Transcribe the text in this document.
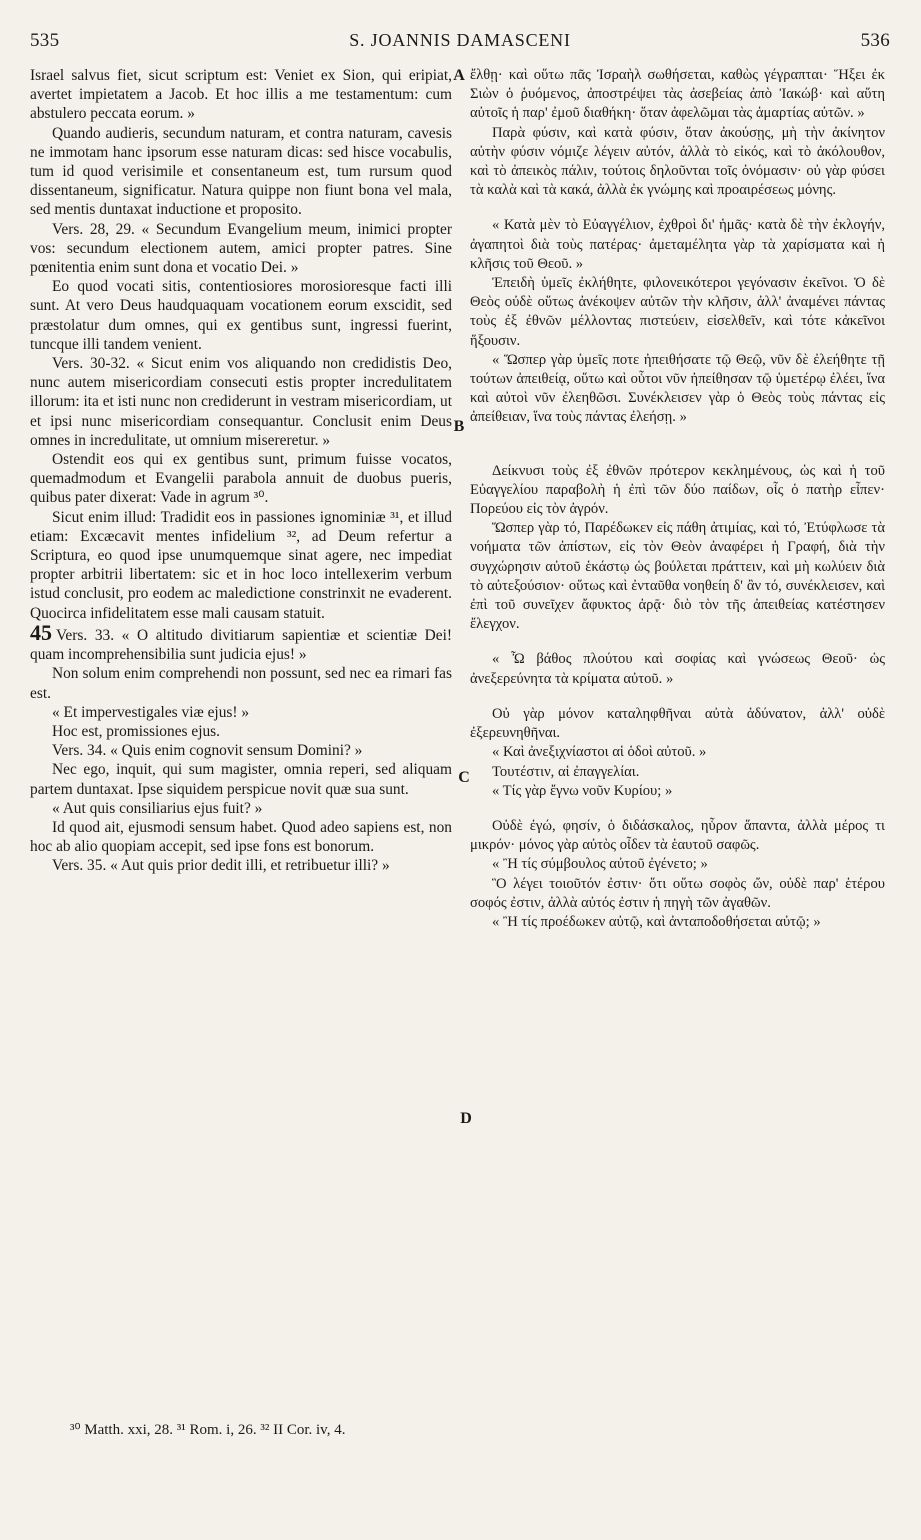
535	S. JOANNIS DAMASCENI	536
A
B
C
D

Israel salvus fiet, sicut scriptum est: Veniet ex Sion, qui eripiat, avertet impietatem a Jacob. Et hoc illis a me testamentum: cum abstulero peccata eorum. »

Quando audieris, secundum naturam, et contra naturam, cavesis ne immotam hanc ipsorum esse naturam dicas: sed hisce vocabulis, tum id quod verisimile et consentaneum est, tum rursum quod dissentaneum, significatur. Natura quippe non fiunt bona vel mala, sed mentis duntaxat inductione et proposito.

Vers. 28, 29. « Secundum Evangelium meum, inimici propter vos: secundum electionem autem, amici propter patres. Sine pœnitentia enim sunt dona et vocatio Dei. »

Eo quod vocati sitis, contentiosiores morosioresque facti illi sunt. At vero Deus haudquaquam vocationem eorum exscidit, sed præstolatur dum omnes, qui ex gentibus sunt, ingressi fuerint, tuncque illi tandem venient.

Vers. 30-32. « Sicut enim vos aliquando non credidistis Deo, nunc autem misericordiam consecuti estis propter incredulitatem illorum: ita et isti nunc non crediderunt in vestram misericordiam, ut et ipsi nunc misericordiam consequantur. Conclusit enim Deus omnes in incredulitate, ut omnium misereretur. »

Ostendit eos qui ex gentibus sunt, primum fuisse vocatos, quemadmodum et Evangelii parabola annuit de duobus pueris, quibus pater dixerat: Vade in agrum ³⁰.

Sicut enim illud: Tradidit eos in passiones ignominiæ ³¹, et illud etiam: Excæcavit mentes infidelium ³², ad Deum refertur a Scriptura, eo quod ipse unumquemque sinat agere, nec impediat propter arbitrii libertatem: sic et in hoc loco intellexerim verbum istud conclusit, pro eodem ac maledictione constrinxit ne evaderent. Quocirca infidelitatem esse mali causam statuit.

45 Vers. 33. « O altitudo divitiarum sapientiæ et scientiæ Dei! quam incomprehensibilia sunt judicia ejus! »

Non solum enim comprehendi non possunt, sed nec ea rimari fas est.

« Et impervestigales viæ ejus! »

Hoc est, promissiones ejus.

Vers. 34. « Quis enim cognovit sensum Domini? »

Nec ego, inquit, qui sum magister, omnia reperi, sed aliquam partem duntaxat. Ipse siquidem perspicue novit quæ sua sunt.

« Aut quis consiliarius ejus fuit? »

Id quod ait, ejusmodi sensum habet. Quod adeo sapiens est, non hoc ab alio quopiam accepit, sed ipse fons est bonorum.

Vers. 35. « Aut quis prior dedit illi, et retribuetur illi? »

ἔλθῃ· καὶ οὕτω πᾶς Ἰσραὴλ σωθήσεται, καθὼς γέγραπται· Ἥξει ἐκ Σιὼν ὁ ῥυόμενος, ἀποστρέψει τὰς ἀσεβείας ἀπὸ Ἰακώβ· καὶ αὕτη αὐτοῖς ἡ παρ' ἐμοῦ διαθήκη· ὅταν ἀφελῶμαι τὰς ἁμαρτίας αὐτῶν. »

Παρὰ φύσιν, καὶ κατὰ φύσιν, ὅταν ἀκούσῃς, μὴ τὴν ἀκίνητον αὐτὴν φύσιν νόμιζε λέγειν αὐτόν, ἀλλὰ τὸ εἰκός, καὶ τὸ ἀκόλουθον, καὶ τὸ ἀπεικὸς πάλιν, τούτοις δηλοῦνται τοῖς ὀνόμασιν· οὐ γὰρ φύσει τὰ καλὰ καὶ τὰ κακά, ἀλλὰ ἐκ γνώμης καὶ προαιρέσεως μόνης.

« Κατὰ μὲν τὸ Εὐαγγέλιον, ἐχθροὶ δι' ἡμᾶς· κατὰ δὲ τὴν ἐκλογήν, ἀγαπητοὶ διὰ τοὺς πατέρας· ἀμεταμέλητα γὰρ τὰ χαρίσματα καὶ ἡ κλῆσις τοῦ Θεοῦ. »

Ἐπειδὴ ὑμεῖς ἐκλήθητε, φιλονεικότεροι γεγόνασιν ἐκεῖνοι. Ὁ δὲ Θεὸς οὐδὲ οὕτως ἀνέκοψεν αὐτῶν τὴν κλῆσιν, ἀλλ' ἀναμένει πάντας τοὺς ἐξ ἐθνῶν μέλλοντας πιστεύειν, εἰσελθεῖν, καὶ τότε κἀκεῖνοι ἥξουσιν.

« Ὥσπερ γὰρ ὑμεῖς ποτε ἠπειθήσατε τῷ Θεῷ, νῦν δὲ ἐλεήθητε τῇ τούτων ἀπειθείᾳ, οὕτω καὶ οὗτοι νῦν ἠπείθησαν τῷ ὑμετέρῳ ἐλέει, ἵνα καὶ αὐτοὶ νῦν ἐλεηθῶσι. Συνέκλεισεν γὰρ ὁ Θεὸς τοὺς πάντας εἰς ἀπείθειαν, ἵνα τοὺς πάντας ἐλεήσῃ. »

Δείκνυσι τοὺς ἐξ ἐθνῶν πρότερον κεκλημένους, ὡς καὶ ἡ τοῦ Εὐαγγελίου παραβολὴ ἡ ἐπὶ τῶν δύο παίδων, οἷς ὁ πατὴρ εἶπεν· Πορεύου εἰς τὸν ἀγρόν.

Ὥσπερ γὰρ τό, Παρέδωκεν εἰς πάθη ἀτιμίας, καὶ τό, Ἐτύφλωσε τὰ νοήματα τῶν ἀπίστων, εἰς τὸν Θεὸν ἀναφέρει ἡ Γραφή, διὰ τὴν συγχώρησιν αὐτοῦ ἑκάστῳ ὡς βούλεται πράττειν, καὶ μὴ κωλύειν διὰ τὸ αὐτεξούσιον· οὕτως καὶ ἐνταῦθα νοηθείη δ' ἂν τό, συνέκλεισεν, καὶ ἐπὶ τοῦ συνεῖχεν ἄφυκτος ἀρᾷ· διὸ τὸν τῆς ἀπειθείας κατέστησεν ἔλεγχον.

« Ὦ βάθος πλούτου καὶ σοφίας καὶ γνώσεως Θεοῦ· ὡς ἀνεξερεύνητα τὰ κρίματα αὐτοῦ. »

Οὐ γὰρ μόνον καταληφθῆναι αὐτὰ ἀδύνατον, ἀλλ' οὐδὲ ἐξερευνηθῆναι.

« Καὶ ἀνεξιχνίαστοι αἱ ὁδοὶ αὐτοῦ. »

Τουτέστιν, αἱ ἐπαγγελίαι.

« Τίς γὰρ ἔγνω νοῦν Κυρίου; »

Οὐδὲ ἐγώ, φησίν, ὁ διδάσκαλος, ηὗρον ἅπαντα, ἀλλὰ μέρος τι μικρόν· μόνος γὰρ αὐτὸς οἶδεν τὰ ἑαυτοῦ σαφῶς.

« Ἢ τίς σύμβουλος αὐτοῦ ἐγένετο; »

Ὃ λέγει τοιοῦτόν ἐστιν· ὅτι οὕτω σοφὸς ὤν, οὐδὲ παρ' ἑτέρου σοφός ἐστιν, ἀλλὰ αὐτός ἐστιν ἡ πηγὴ τῶν ἀγαθῶν.

« Ἢ τίς προέδωκεν αὐτῷ, καὶ ἀνταποδοθήσεται αὐτῷ; »

³⁰ Matth. xxi, 28. ³¹ Rom. i, 26. ³² II Cor. iv, 4.
